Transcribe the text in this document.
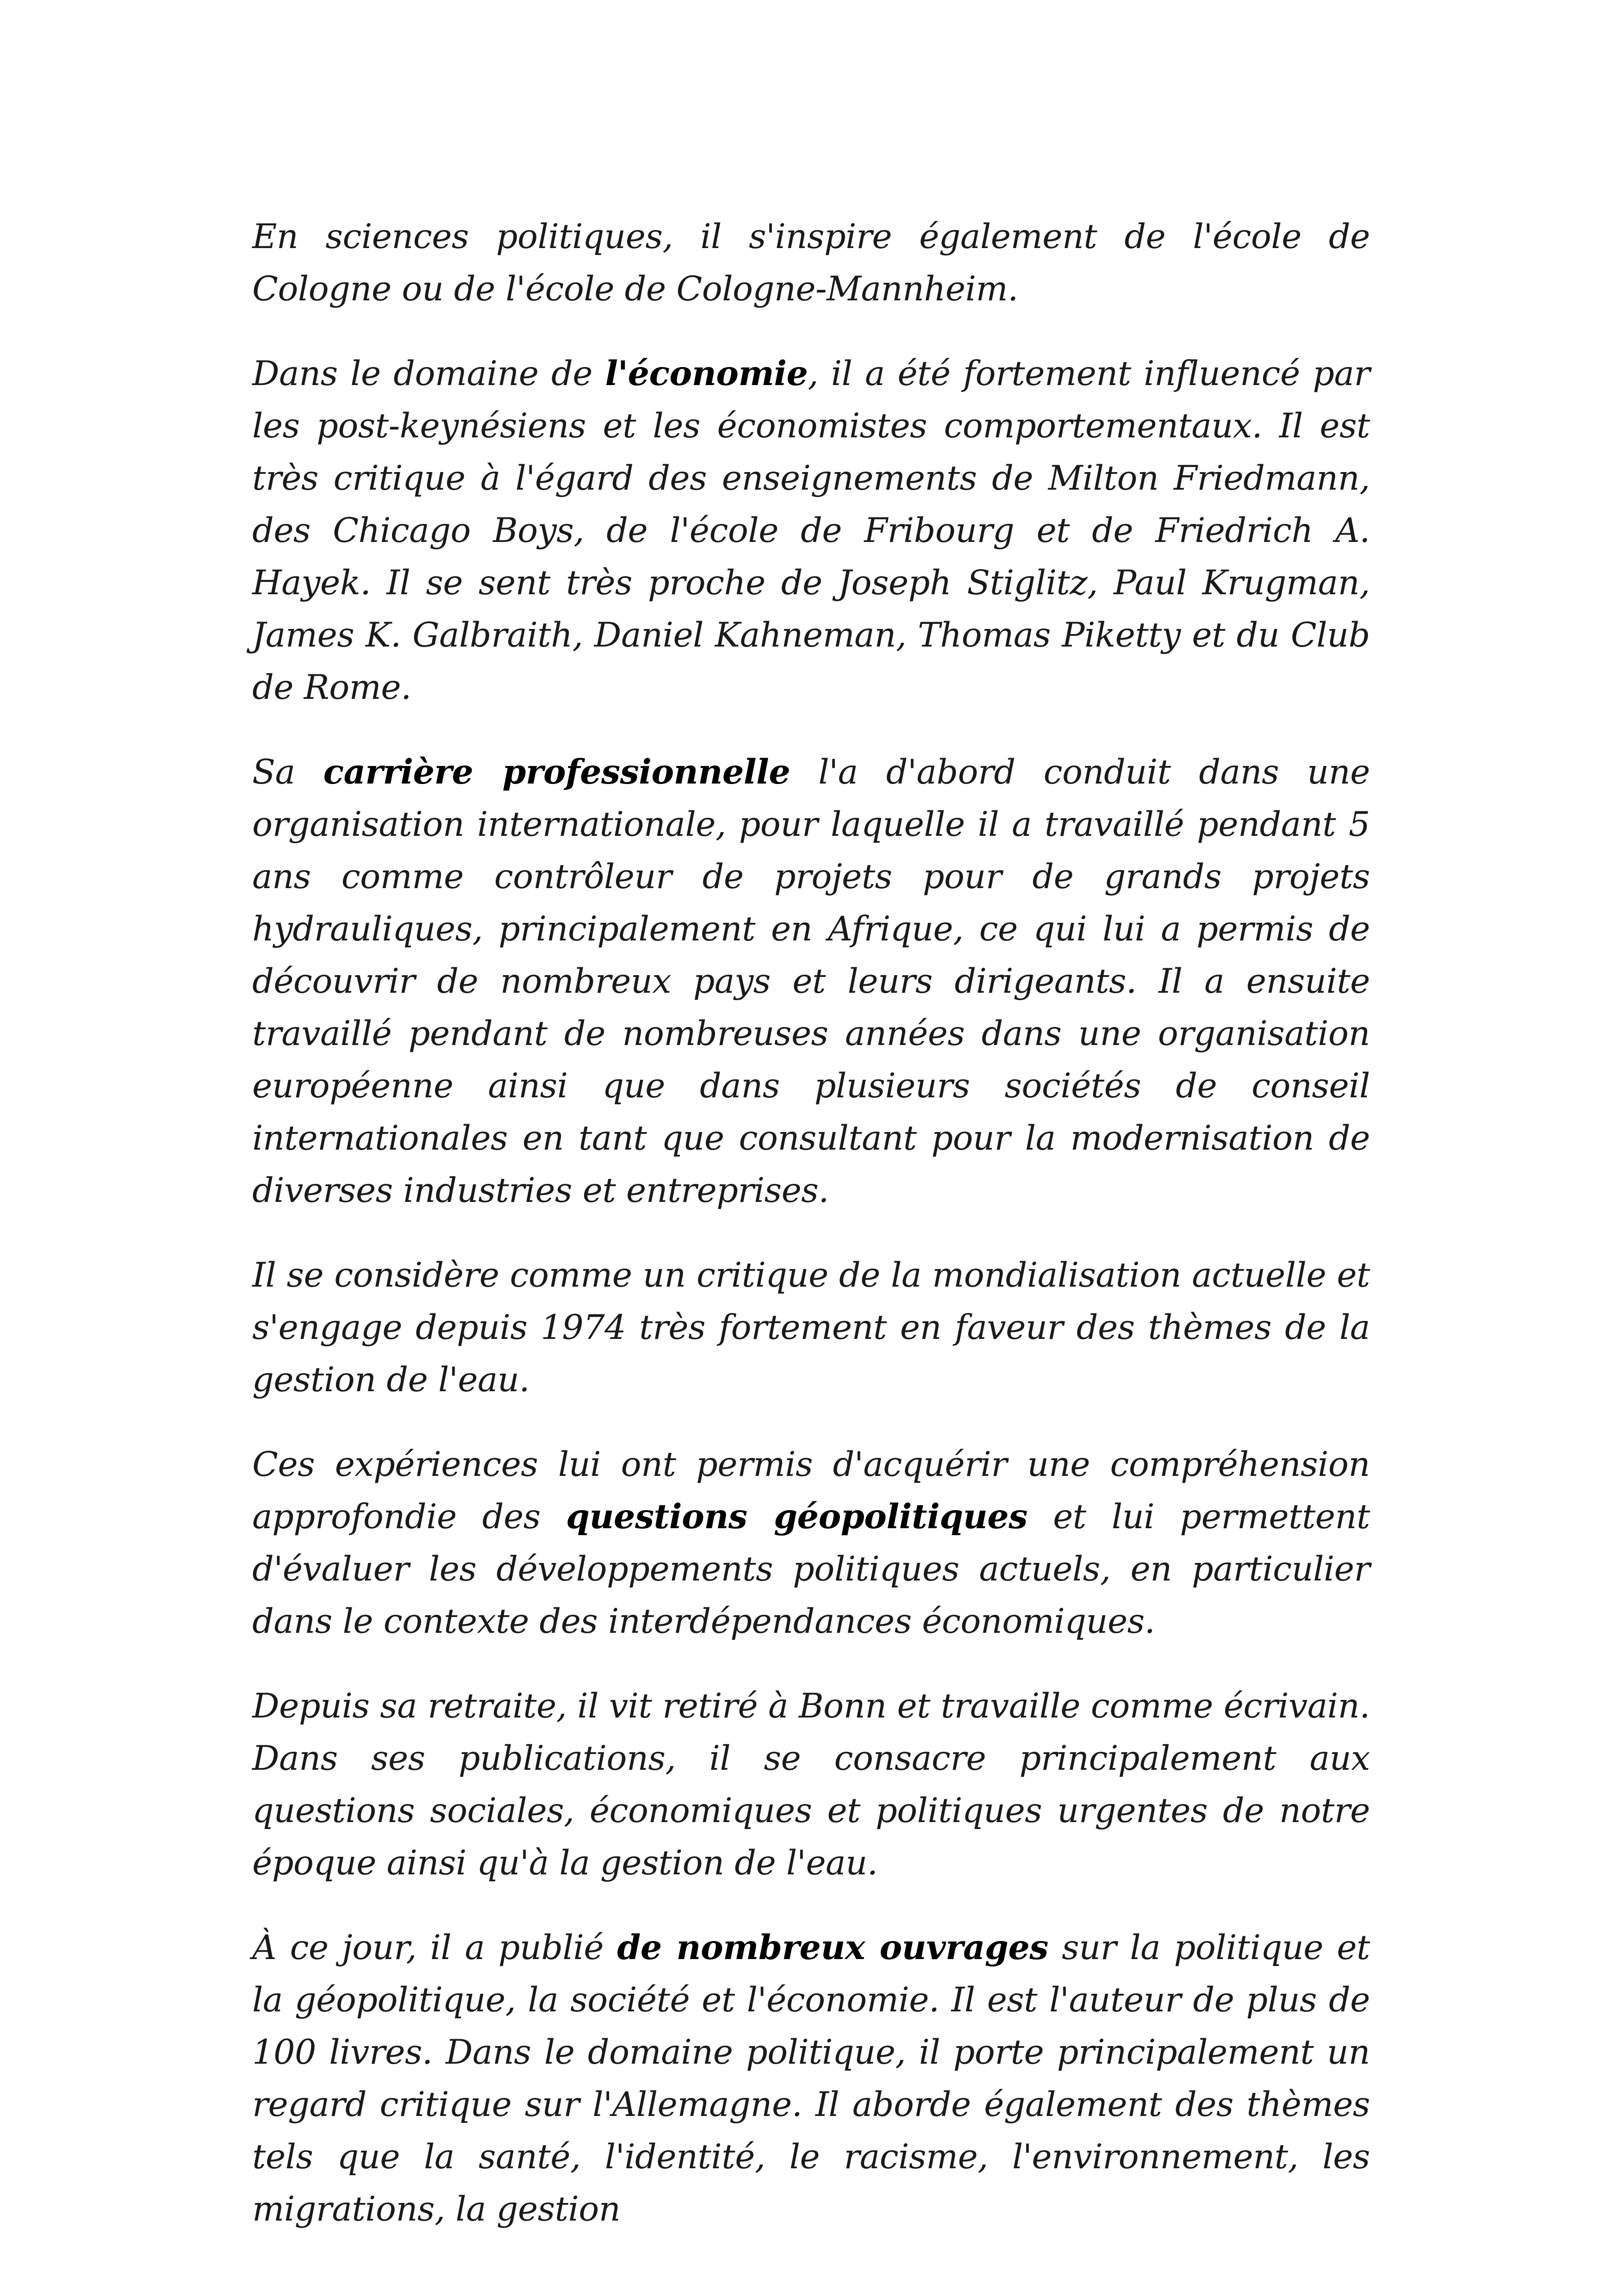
En sciences politiques, il s'inspire également de l'école de Cologne ou de l'école de Cologne-Mannheim.

Dans le domaine de l'économie, il a été fortement influencé par les post-keynésiens et les économistes comportementaux. Il est très critique à l'égard des enseignements de Milton Friedmann, des Chicago Boys, de l'école de Fribourg et de Friedrich A. Hayek. Il se sent très proche de Joseph Stiglitz, Paul Krugman, James K. Galbraith, Daniel Kahneman, Thomas Piketty et du Club de Rome.

Sa carrière professionnelle l'a d'abord conduit dans une organisation internationale, pour laquelle il a travaillé pendant 5 ans comme contrôleur de projets pour de grands projets hydrauliques, principalement en Afrique, ce qui lui a permis de découvrir de nombreux pays et leurs dirigeants. Il a ensuite travaillé pendant de nombreuses années dans une organisation européenne ainsi que dans plusieurs sociétés de conseil internationales en tant que consultant pour la modernisation de diverses industries et entreprises.

Il se considère comme un critique de la mondialisation actuelle et s'engage depuis 1974 très fortement en faveur des thèmes de la gestion de l'eau.

Ces expériences lui ont permis d'acquérir une compréhension approfondie des questions géopolitiques et lui permettent d'évaluer les développements politiques actuels, en particulier dans le contexte des interdépendances économiques.

Depuis sa retraite, il vit retiré à Bonn et travaille comme écrivain. Dans ses publications, il se consacre principalement aux questions sociales, économiques et politiques urgentes de notre époque ainsi qu'à la gestion de l'eau.

À ce jour, il a publié de nombreux ouvrages sur la politique et la géopolitique, la société et l'économie. Il est l'auteur de plus de 100 livres. Dans le domaine politique, il porte principalement un regard critique sur l'Allemagne. Il aborde également des thèmes tels que la santé, l'identité, le racisme, l'environnement, les migrations, la gestion
